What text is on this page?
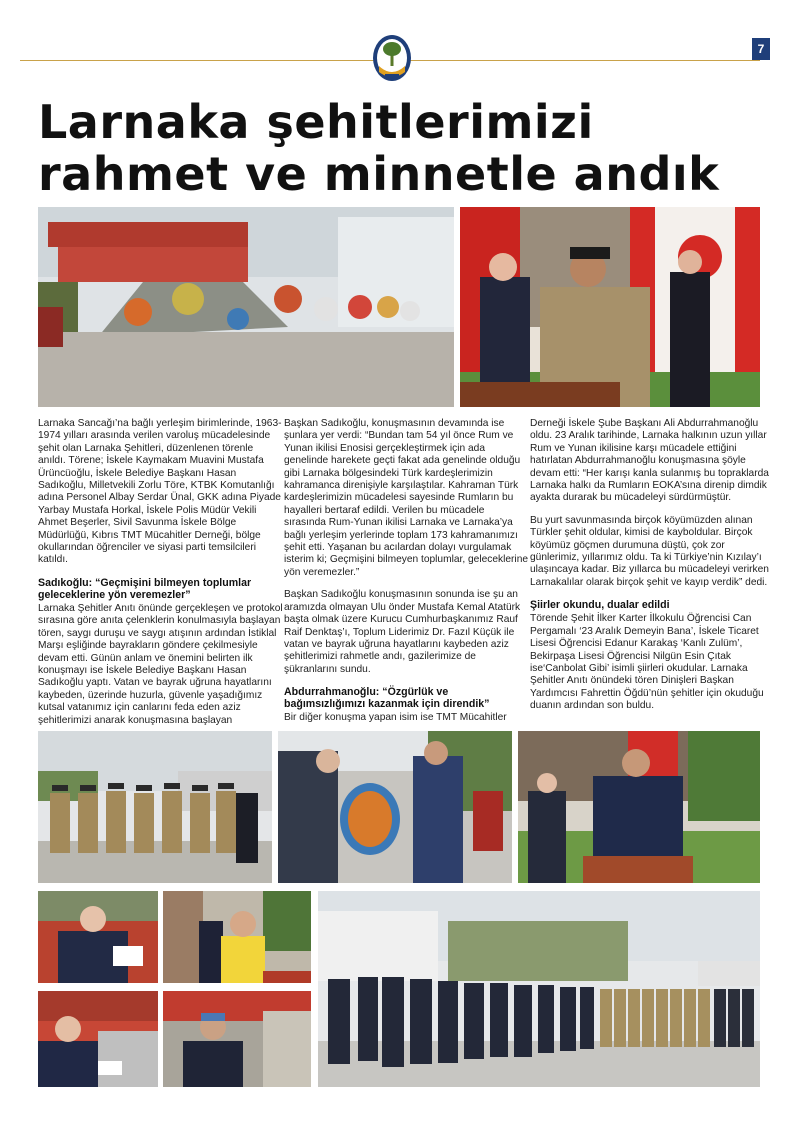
7
Larnaka şehitlerimizi rahmet ve minnetle andık

Larnaka Sancağı’na bağlı yerleşim birimlerinde, 1963-1974 yılları arasında verilen varoluş mücadelesinde şehit olan Larnaka Şehitleri, düzenlenen törenle anıldı. Törene; İskele Kaymakam Muavini Mustafa Ürüncüoğlu, İskele Belediye Başkanı Hasan Sadıkoğlu, Milletvekili Zorlu Töre, KTBK Komutanlığı adına Personel Albay Serdar Ünal, GKK adına Piyade Yarbay Mustafa Horkal, İskele Polis Müdür Vekili Ahmet Beşerler, Sivil Savunma İskele Bölge Müdürlüğü, Kıbrıs TMT Mücahitler Derneği, bölge okullarından öğrenciler ve siyasi parti temsilcileri katıldı.

Sadıkoğlu: “Geçmişini bilmeyen toplumlar geleceklerine yön veremezler”

Larnaka Şehitler Anıtı önünde gerçekleşen ve protokol sırasına göre anıta çelenklerin konulmasıyla başlayan tören, saygı duruşu ve saygı atışının ardından İstiklal Marşı eşliğinde bayrakların göndere çekilmesiyle devam etti. Günün anlam ve önemini belirten ilk konuşmayı ise İskele Belediye Başkanı Hasan Sadıkoğlu yaptı. Vatan ve bayrak uğruna hayatlarını kaybeden, üzerinde huzurla, güvenle yaşadığımız kutsal vatanımız için canlarını feda eden aziz şehitlerimizi anarak konuşmasına başlayan

Başkan Sadıkoğlu, konuşmasının devamında ise şunlara yer verdi: “Bundan tam 54 yıl önce Rum ve Yunan ikilisi Enosisi gerçekleştirmek için ada genelinde harekete geçti fakat ada genelinde olduğu gibi Larnaka bölgesindeki Türk kardeşlerimizin kahramanca direnişiyle karşılaştılar. Kahraman Türk kardeşlerimizin mücadelesi sayesinde Rumların bu hayalleri bertaraf edildi. Verilen bu mücadele sırasında Rum-Yunan ikilisi Larnaka ve Larnaka’ya bağlı yerleşim yerlerinde toplam 173 kahramanımızı şehit etti. Yaşanan bu acılardan dolayı vurgulamak isterim ki; Geçmişini bilmeyen toplumlar, geleceklerine yön veremezler.”

Başkan Sadıkoğlu konuşmasının sonunda ise şu an aramızda olmayan Ulu önder Mustafa Kemal Atatürk başta olmak üzere Kurucu Cumhurbaşkanımız Rauf Raif Denktaş’ı, Toplum Liderimiz Dr. Fazıl Küçük ile vatan ve bayrak uğruna hayatlarını kaybeden aziz şehitlerimizi rahmetle andı, gazilerimize de şükranlarını sundu.

Abdurrahmanoğlu: “Özgürlük ve bağımsızlığımızı kazanmak için direndik”

Bir diğer konuşma yapan isim ise TMT Mücahitler

Derneği İskele Şube Başkanı Ali Abdurrahmanoğlu oldu. 23 Aralık tarihinde, Larnaka halkının uzun yıllar Rum ve Yunan ikilisine karşı mücadele ettiğini hatırlatan Abdurrahmanoğlu konuşmasına şöyle devam etti: “Her karışı kanla sulanmış bu topraklarda Larnaka halkı da Rumların EOKA’sına direnip dimdik ayakta durarak bu mücadeleyi sürdürmüştür.

Bu yurt savunmasında birçok köyümüzden alınan Türkler şehit oldular, kimisi de kayboldular. Birçok köyümüz göçmen durumuna düştü, çok zor günlerimiz, yıllarımız oldu. Ta ki Türkiye’nin Kızılay’ı ulaşıncaya kadar. Biz yıllarca bu mücadeleyi verirken Larnakalılar olarak birçok şehit ve kayıp verdik” dedi.

Şiirler okundu, dualar edildi

Törende Şehit İlker Karter İlkokulu Öğrencisi Can Pergamalı ‘23 Aralık Demeyin Bana’, İskele Ticaret Lisesi Öğrencisi Edanur Karakaş ‘Kanlı Zulüm’, Bekirpaşa Lisesi Öğrencisi Nilgün Esin Çıtak ise‘Canbolat Gibi’ isimli şiirleri okudular. Larnaka Şehitler Anıtı önündeki tören Dinişleri Başkan Yardımcısı Fahrettin Öğdü’nün şehitler için okuduğu duanın ardından son buldu.
